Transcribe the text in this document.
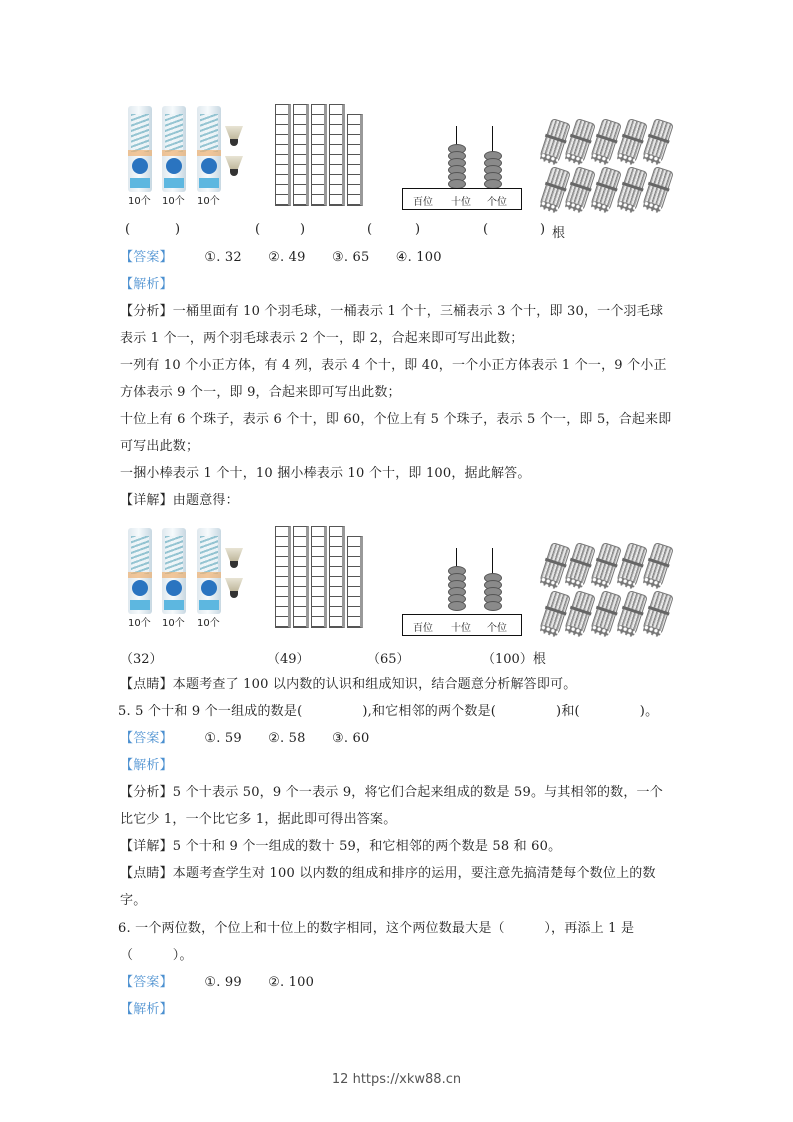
10个 10个 10个	百位 十位 个位
(	)	(	)	(	)	(	) 根
【答案】 ①. 32 ②. 49 ③. 65 ④. 100
【解析】
【分析】一桶里面有 10 个羽毛球，一桶表示 1 个十，三桶表示 3 个十，即 30，一个羽毛球
表示 1 个一，两个羽毛球表示 2 个一，即 2，合起来即可写出此数；
一列有 10 个小正方体，有 4 列，表示 4 个十，即 40，一个小正方体表示 1 个一，9 个小正
方体表示 9 个一，即 9，合起来即可写出此数；
十位上有 6 个珠子，表示 6 个十，即 60，个位上有 5 个珠子，表示 5 个一，即 5，合起来即
可写出此数；
一捆小棒表示 1 个十，10 捆小棒表示 10 个十，即 100，据此解答。
【详解】由题意得：
10个 10个 10个	百位 十位 个位
（32）	（49）	（65）	（100）根
【点睛】本题考查了 100 以内数的认识和组成知识，结合题意分析解答即可。
5. 5 个十和 9 个一组成的数是(	),和它相邻的两个数是(	)和(	)。
【答案】 ①. 59 ②. 58 ③. 60
【解析】
【分析】5 个十表示 50，9 个一表示 9，将它们合起来组成的数是 59。与其相邻的数，一个
比它少 1，一个比它多 1，据此即可得出答案。
【详解】5 个十和 9 个一组成的数十 59，和它相邻的两个数是 58 和 60。
【点睛】本题考查学生对 100 以内数的组成和排序的运用，要注意先搞清楚每个数位上的数
字。
6. 一个两位数，个位上和十位上的数字相同，这个两位数最大是（　　　），再添上 1 是
（　　　）。
【答案】 ①. 99 ②. 100
【解析】
12 https://xkw88.cn
